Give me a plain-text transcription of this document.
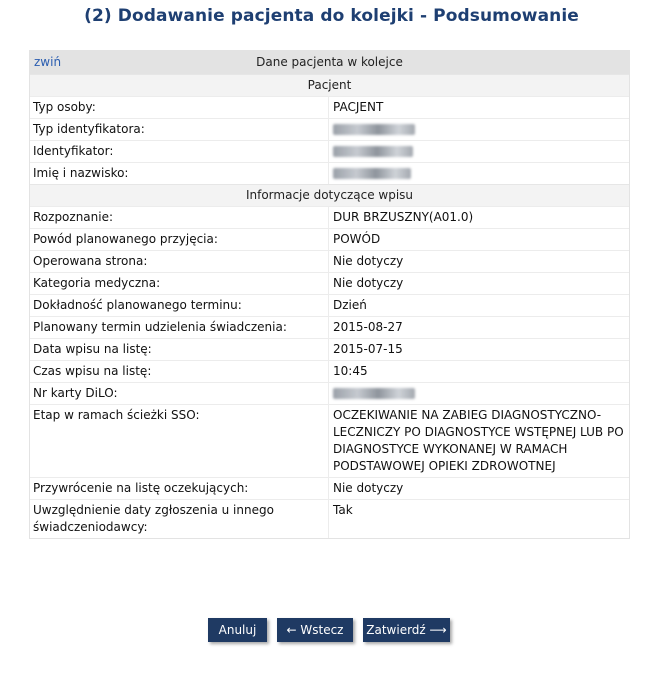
(2) Dodawanie pacjenta do kolejki - Podsumowanie
zwiń	Dane pacjenta w kolejce
Pacjent
Typ osoby:	PACJENT
Typ identyfikatora:
Identyfikator:
Imię i nazwisko:
Informacje dotyczące wpisu
Rozpoznanie:	DUR BRZUSZNY(A01.0)
Powód planowanego przyjęcia:	POWÓD
Operowana strona:	Nie dotyczy
Kategoria medyczna:	Nie dotyczy
Dokładność planowanego terminu:	Dzień
Planowany termin udzielenia świadczenia:	2015-08-27
Data wpisu na listę:	2015-07-15
Czas wpisu na listę:	10:45
Nr karty DiLO:
Etap w ramach ścieżki SSO:	OCZEKIWANIE NA ZABIEG DIAGNOSTYCZNO-LECZNICZY PO DIAGNOSTYCE WSTĘPNEJ LUB PO DIAGNOSTYCE WYKONANEJ W RAMACH PODSTAWOWEJ OPIEKI ZDROWOTNEJ
Przywrócenie na listę oczekujących:	Nie dotyczy
Uwzględnienie daty zgłoszenia u innego świadczeniodawcy:
Tak
Anuluj	← Wstecz	Zatwierdź ⟶
